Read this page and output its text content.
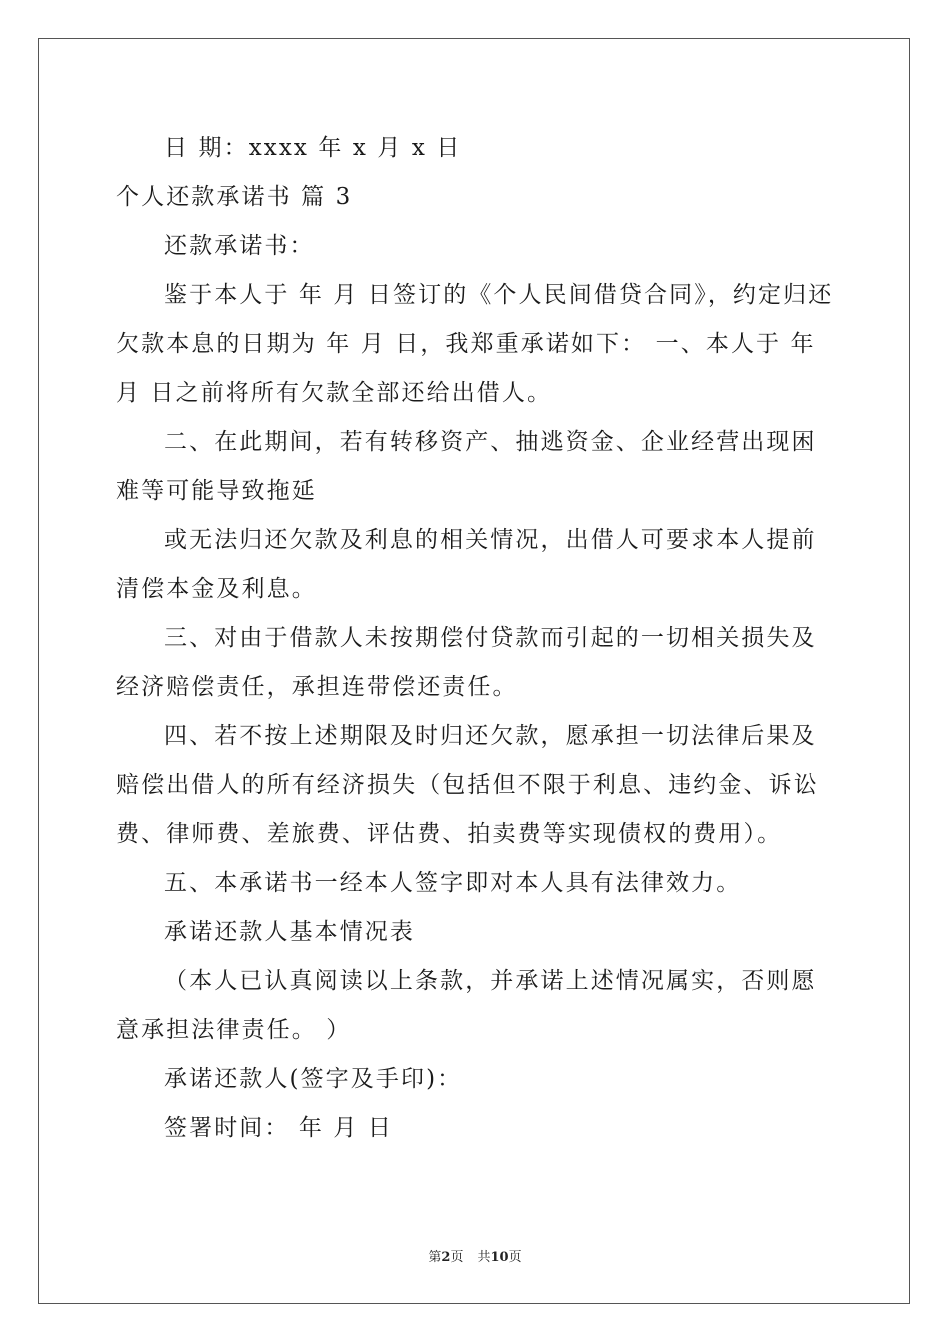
日 期：xxxx 年 x 月 x 日

个人还款承诺书 篇 3

还款承诺书：

鉴于本人于 年 月 日签订的《个人民间借贷合同》，约定归还欠款本息的日期为 年 月 日，我郑重承诺如下： 一、本人于 年 月 日之前将所有欠款全部还给出借人。

二、在此期间，若有转移资产、抽逃资金、企业经营出现困难等可能导致拖延

或无法归还欠款及利息的相关情况，出借人可要求本人提前清偿本金及利息。

三、对由于借款人未按期偿付贷款而引起的一切相关损失及经济赔偿责任，承担连带偿还责任。

四、若不按上述期限及时归还欠款，愿承担一切法律后果及赔偿出借人的所有经济损失（包括但不限于利息、违约金、诉讼费、律师费、差旅费、评估费、拍卖费等实现债权的费用）。

五、本承诺书一经本人签字即对本人具有法律效力。

承诺还款人基本情况表

（本人已认真阅读以上条款，并承诺上述情况属实，否则愿意承担法律责任。 ）

承诺还款人(签字及手印)：

签署时间： 年 月 日

第2页 共10页
